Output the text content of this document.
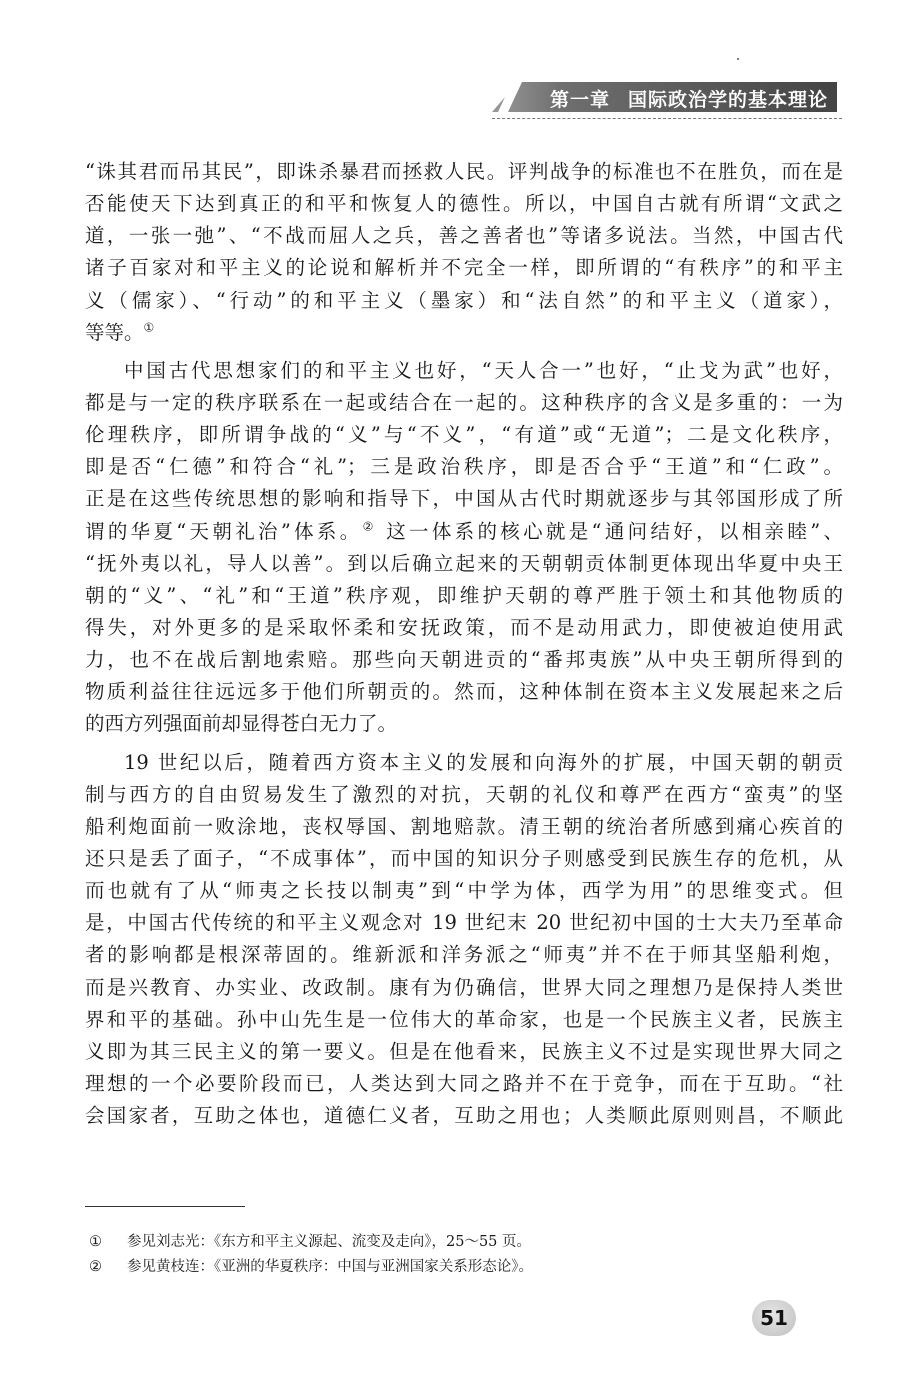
第一章 国际政治学的基本理论
“诛其君而吊其民”，即诛杀暴君而拯救人民。评判战争的标准也不在胜负，而在是
否能使天下达到真正的和平和恢复人的德性。所以，中国自古就有所谓“文武之
道，一张一弛”、“不战而屈人之兵，善之善者也”等诸多说法。当然，中国古代
诸子百家对和平主义的论说和解析并不完全一样，即所谓的“有秩序”的和平主
义（儒家）、“行动”的和平主义（墨家）和“法自然”的和平主义（道家），
等等。①
中国古代思想家们的和平主义也好，“天人合一”也好，“止戈为武”也好，
都是与一定的秩序联系在一起或结合在一起的。这种秩序的含义是多重的：一为
伦理秩序，即所谓争战的“义”与“不义”，“有道”或“无道”；二是文化秩序，
即是否“仁德”和符合“礼”；三是政治秩序，即是否合乎“王道”和“仁政”。
正是在这些传统思想的影响和指导下，中国从古代时期就逐步与其邻国形成了所
谓的华夏“天朝礼治”体系。② 这一体系的核心就是“通问结好，以相亲睦”、
“抚外夷以礼，导人以善”。到以后确立起来的天朝朝贡体制更体现出华夏中央王
朝的“义”、“礼”和“王道”秩序观，即维护天朝的尊严胜于领土和其他物质的
得失，对外更多的是采取怀柔和安抚政策，而不是动用武力，即使被迫使用武
力，也不在战后割地索赔。那些向天朝进贡的“番邦夷族”从中央王朝所得到的
物质利益往往远远多于他们所朝贡的。然而，这种体制在资本主义发展起来之后
的西方列强面前却显得苍白无力了。
19 世纪以后，随着西方资本主义的发展和向海外的扩展，中国天朝的朝贡
制与西方的自由贸易发生了激烈的对抗，天朝的礼仪和尊严在西方“蛮夷”的坚
船利炮面前一败涂地，丧权辱国、割地赔款。清王朝的统治者所感到痛心疾首的
还只是丢了面子，“不成事体”，而中国的知识分子则感受到民族生存的危机，从
而也就有了从“师夷之长技以制夷”到“中学为体，西学为用”的思维变式。但
是，中国古代传统的和平主义观念对 19 世纪末 20 世纪初中国的士大夫乃至革命
者的影响都是根深蒂固的。维新派和洋务派之“师夷”并不在于师其坚船利炮，
而是兴教育、办实业、改政制。康有为仍确信，世界大同之理想乃是保持人类世
界和平的基础。孙中山先生是一位伟大的革命家，也是一个民族主义者，民族主
义即为其三民主义的第一要义。但是在他看来，民族主义不过是实现世界大同之
理想的一个必要阶段而已，人类达到大同之路并不在于竞争，而在于互助。“社
会国家者，互助之体也，道德仁义者，互助之用也；人类顺此原则则昌，不顺此
① 参见刘志光：《东方和平主义源起、流变及走向》，25～55 页。
② 参见黄枝连：《亚洲的华夏秩序：中国与亚洲国家关系形态论》。
51
